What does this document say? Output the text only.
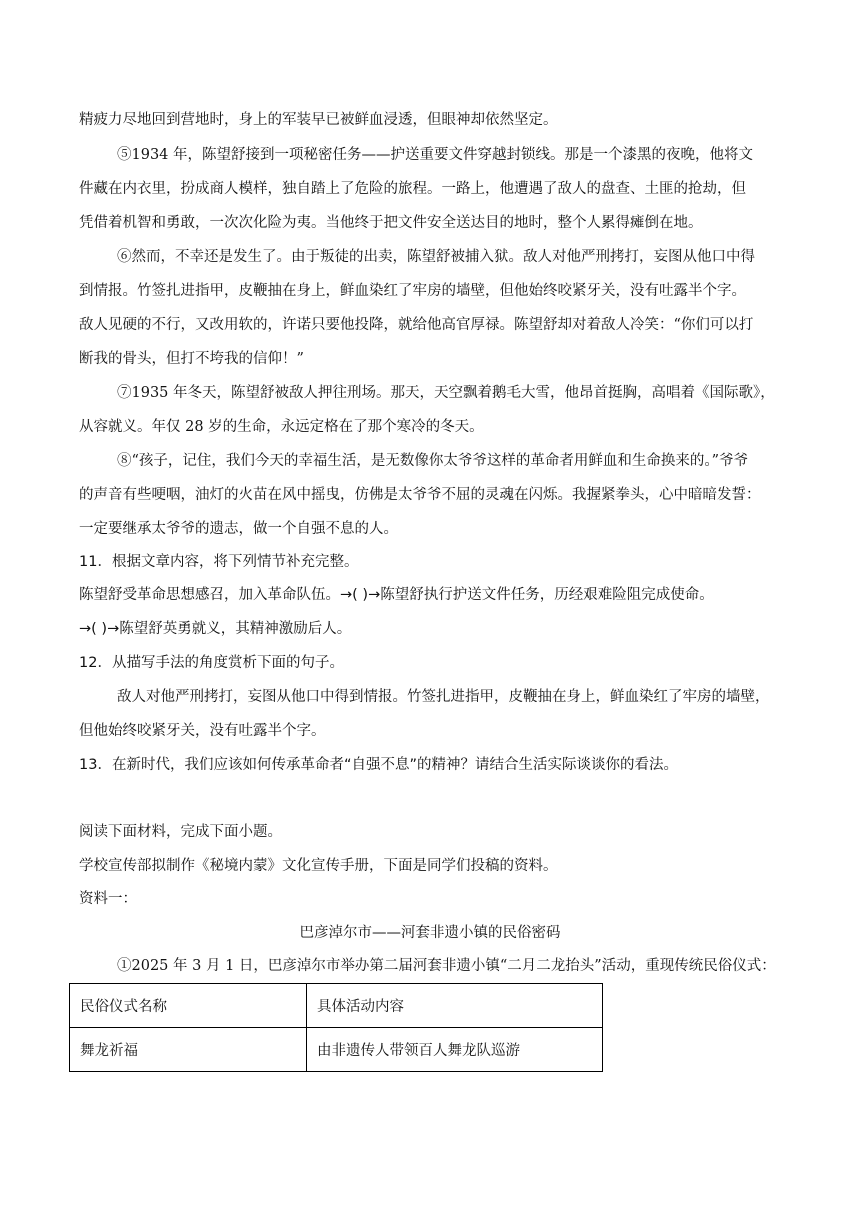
精疲力尽地回到营地时，身上的军装早已被鲜血浸透，但眼神却依然坚定。
⑤1934 年，陈望舒接到一项秘密任务——护送重要文件穿越封锁线。那是一个漆黑的夜晚，他将文
件藏在内衣里，扮成商人模样，独自踏上了危险的旅程。一路上，他遭遇了敌人的盘查、土匪的抢劫，但
凭借着机智和勇敢，一次次化险为夷。当他终于把文件安全送达目的地时，整个人累得瘫倒在地。
⑥然而，不幸还是发生了。由于叛徒的出卖，陈望舒被捕入狱。敌人对他严刑拷打，妄图从他口中得
到情报。竹签扎进指甲，皮鞭抽在身上，鲜血染红了牢房的墙壁，但他始终咬紧牙关，没有吐露半个字。
敌人见硬的不行，又改用软的，许诺只要他投降，就给他高官厚禄。陈望舒却对着敌人冷笑：“你们可以打
断我的骨头，但打不垮我的信仰！”
⑦1935 年冬天，陈望舒被敌人押往刑场。那天，天空飘着鹅毛大雪，他昂首挺胸，高唱着《国际歌》，
从容就义。年仅 28 岁的生命，永远定格在了那个寒冷的冬天。
⑧“孩子，记住，我们今天的幸福生活，是无数像你太爷爷这样的革命者用鲜血和生命换来的。”爷爷
的声音有些哽咽，油灯的火苗在风中摇曳，仿佛是太爷爷不屈的灵魂在闪烁。我握紧拳头，心中暗暗发誓：
一定要继承太爷爷的遗志，做一个自强不息的人。
11．根据文章内容，将下列情节补充完整。
陈望舒受革命思想感召，加入革命队伍。→( )→陈望舒执行护送文件任务，历经艰难险阻完成使命。
→( )→陈望舒英勇就义，其精神激励后人。
12．从描写手法的角度赏析下面的句子。
敌人对他严刑拷打，妄图从他口中得到情报。竹签扎进指甲，皮鞭抽在身上，鲜血染红了牢房的墙壁，
但他始终咬紧牙关，没有吐露半个字。
13．在新时代，我们应该如何传承革命者“自强不息”的精神？请结合生活实际谈谈你的看法。
阅读下面材料，完成下面小题。
学校宣传部拟制作《秘境内蒙》文化宣传手册，下面是同学们投稿的资料。
资料一：
巴彦淖尔市——河套非遗小镇的民俗密码
①2025 年 3 月 1 日，巴彦淖尔市举办第二届河套非遗小镇“二月二龙抬头”活动，重现传统民俗仪式：
民俗仪式名称	具体活动内容
舞龙祈福	由非遗传人带领百人舞龙队巡游
